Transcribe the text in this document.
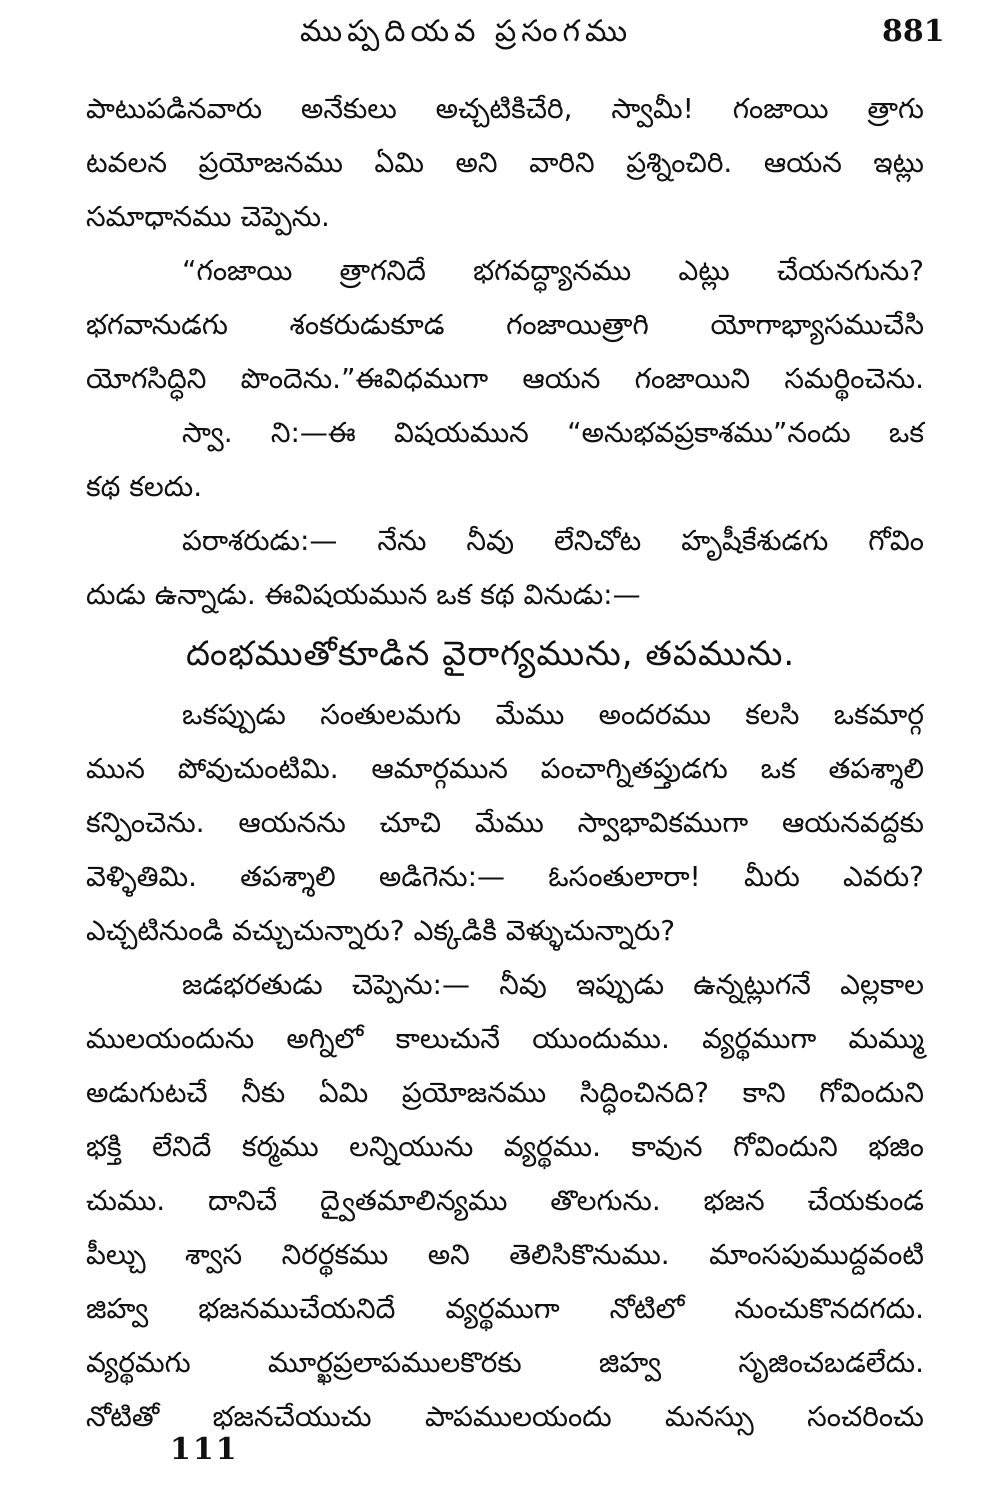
ముప్పదియవ ప్రసంగము	881
పాటుపడినవారు అనేకులు అచ్చటికిచేరి, స్వామీ! గంజాయి త్రాగు
టవలన ప్రయోజనము ఏమి అని వారిని ప్రశ్నించిరి. ఆయన ఇట్లు
సమాధానము చెప్పెను.
“గంజాయి త్రాగనిదే భగవద్ధ్యానము ఎట్లు చేయనగును?
భగవానుడగు శంకరుడుకూడ గంజాయిత్రాగి యోగాభ్యాసముచేసి
యోగసిద్ధిని పొందెను.”ఈవిధముగా ఆయన గంజాయిని సమర్థించెను.
స్వా. ని:—ఈ విషయమున “అనుభవప్రకాశము”నందు ఒక
కథ కలదు.
పరాశరుడు:— నేను నీవు లేనిచోట హృషీకేశుడగు గోవిం
దుడు ఉన్నాడు. ఈవిషయమున ఒక కథ వినుడు:—
దంభముతోకూడిన వైరాగ్యమును, తపమును.
ఒకప్పుడు సంతులమగు మేము అందరము కలసి ఒకమార్గ
మున పోవుచుంటిమి. ఆమార్గమున పంచాగ్నితప్తుడగు ఒక తపశ్శాలి
కన్పించెను. ఆయనను చూచి మేము స్వాభావికముగా ఆయనవద్దకు
వెళ్ళితిమి. తపశ్శాలి అడిగెను:— ఓసంతులారా! మీరు ఎవరు?
ఎచ్చటినుండి వచ్చుచున్నారు? ఎక్కడికి వెళ్ళుచున్నారు?
జడభరతుడు చెప్పెను:— నీవు ఇప్పుడు ఉన్నట్లుగనే ఎల్లకాల
ములయందును అగ్నిలో కాలుచునే యుందుము. వ్యర్థముగా మమ్ము
అడుగుటచే నీకు ఏమి ప్రయోజనము సిద్ధించినది? కాని గోవిందుని
భక్తి లేనిదే కర్మము లన్నియును వ్యర్థము. కావున గోవిందుని భజిం
చుము. దానిచే ద్వైతమాలిన్యము తొలగును. భజన చేయకుండ
పీల్చు శ్వాస నిరర్థకము అని తెలిసికొనుము. మాంసపుముద్దవంటి
జిహ్వ భజనముచేయనిదే వ్యర్థముగా నోటిలో నుంచుకొనదగదు.
వ్యర్థమగు మూర్ఖప్రలాపములకొరకు జిహ్వ సృజించబడలేదు.
నోటితో భజనచేయుచు పాపములయందు మనస్సు సంచరించు
111
